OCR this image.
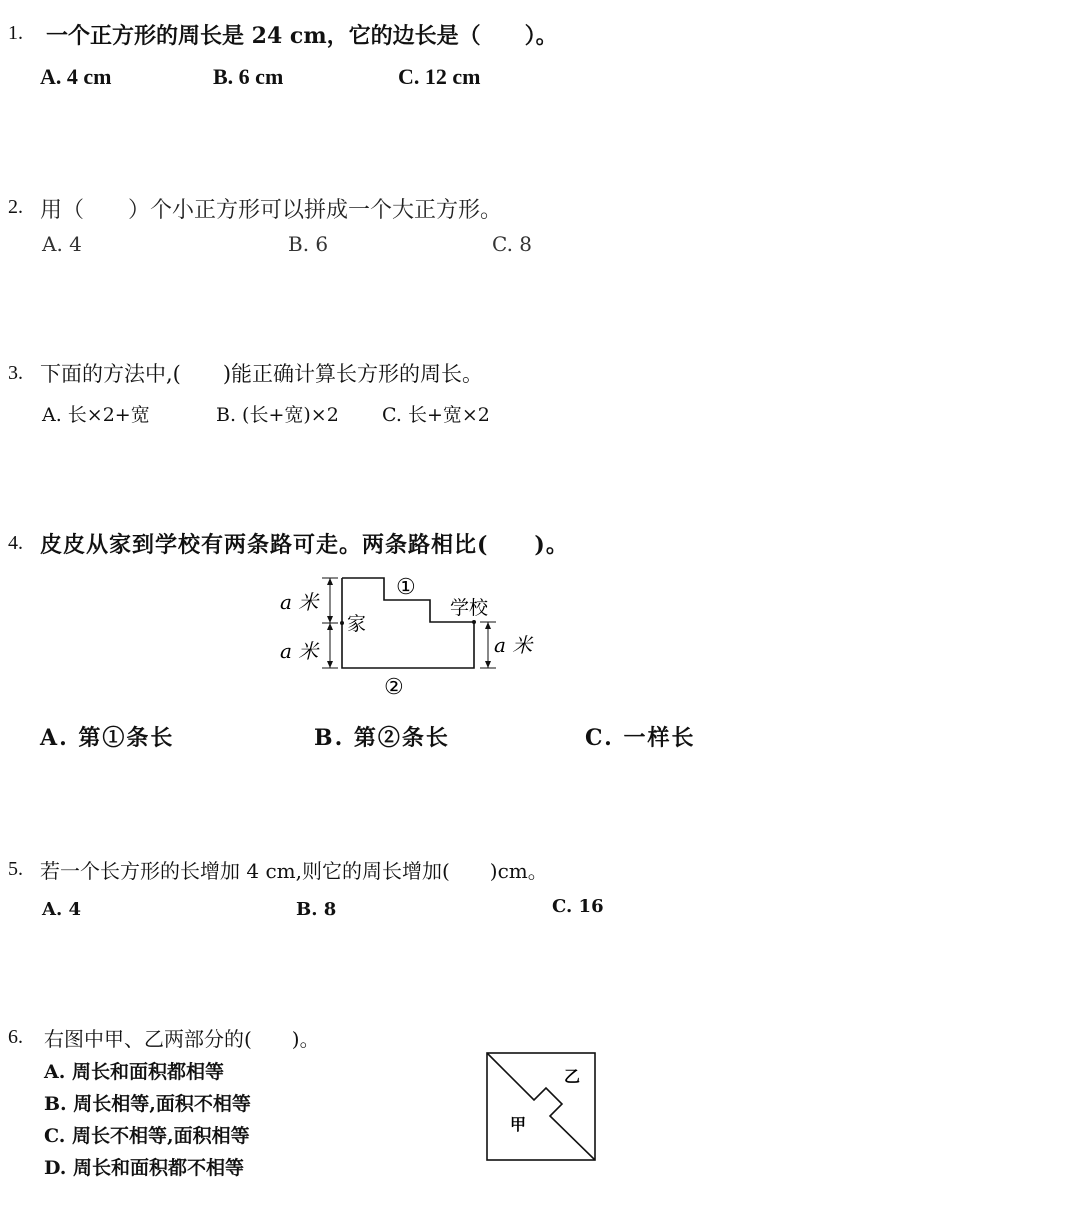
1. 一个正方形的周长是 24 cm，它的边长是（　　）。
A. 4 cm	B. 6 cm	C. 12 cm
2. 用（　　）个小正方形可以拼成一个大正方形。
A. 4	B. 6	C. 8
3. 下面的方法中,(　　)能正确计算长方形的周长。
A. 长×2+宽	B. (长+宽)×2 C. 长+宽×2
4. 皮皮从家到学校有两条路可走。两条路相比(　　)。
a 米
a 米	a 米
家
学校
①
②
A. 第①条长	B. 第②条长	C. 一样长
5. 若一个长方形的长增加 4 cm,则它的周长增加(　　)cm。
A. 4	B. 8	C. 16
6. 右图中甲、乙两部分的(　　)。
A. 周长和面积都相等
B. 周长相等,面积不相等
C. 周长不相等,面积相等
D. 周长和面积都不相等
乙
甲
